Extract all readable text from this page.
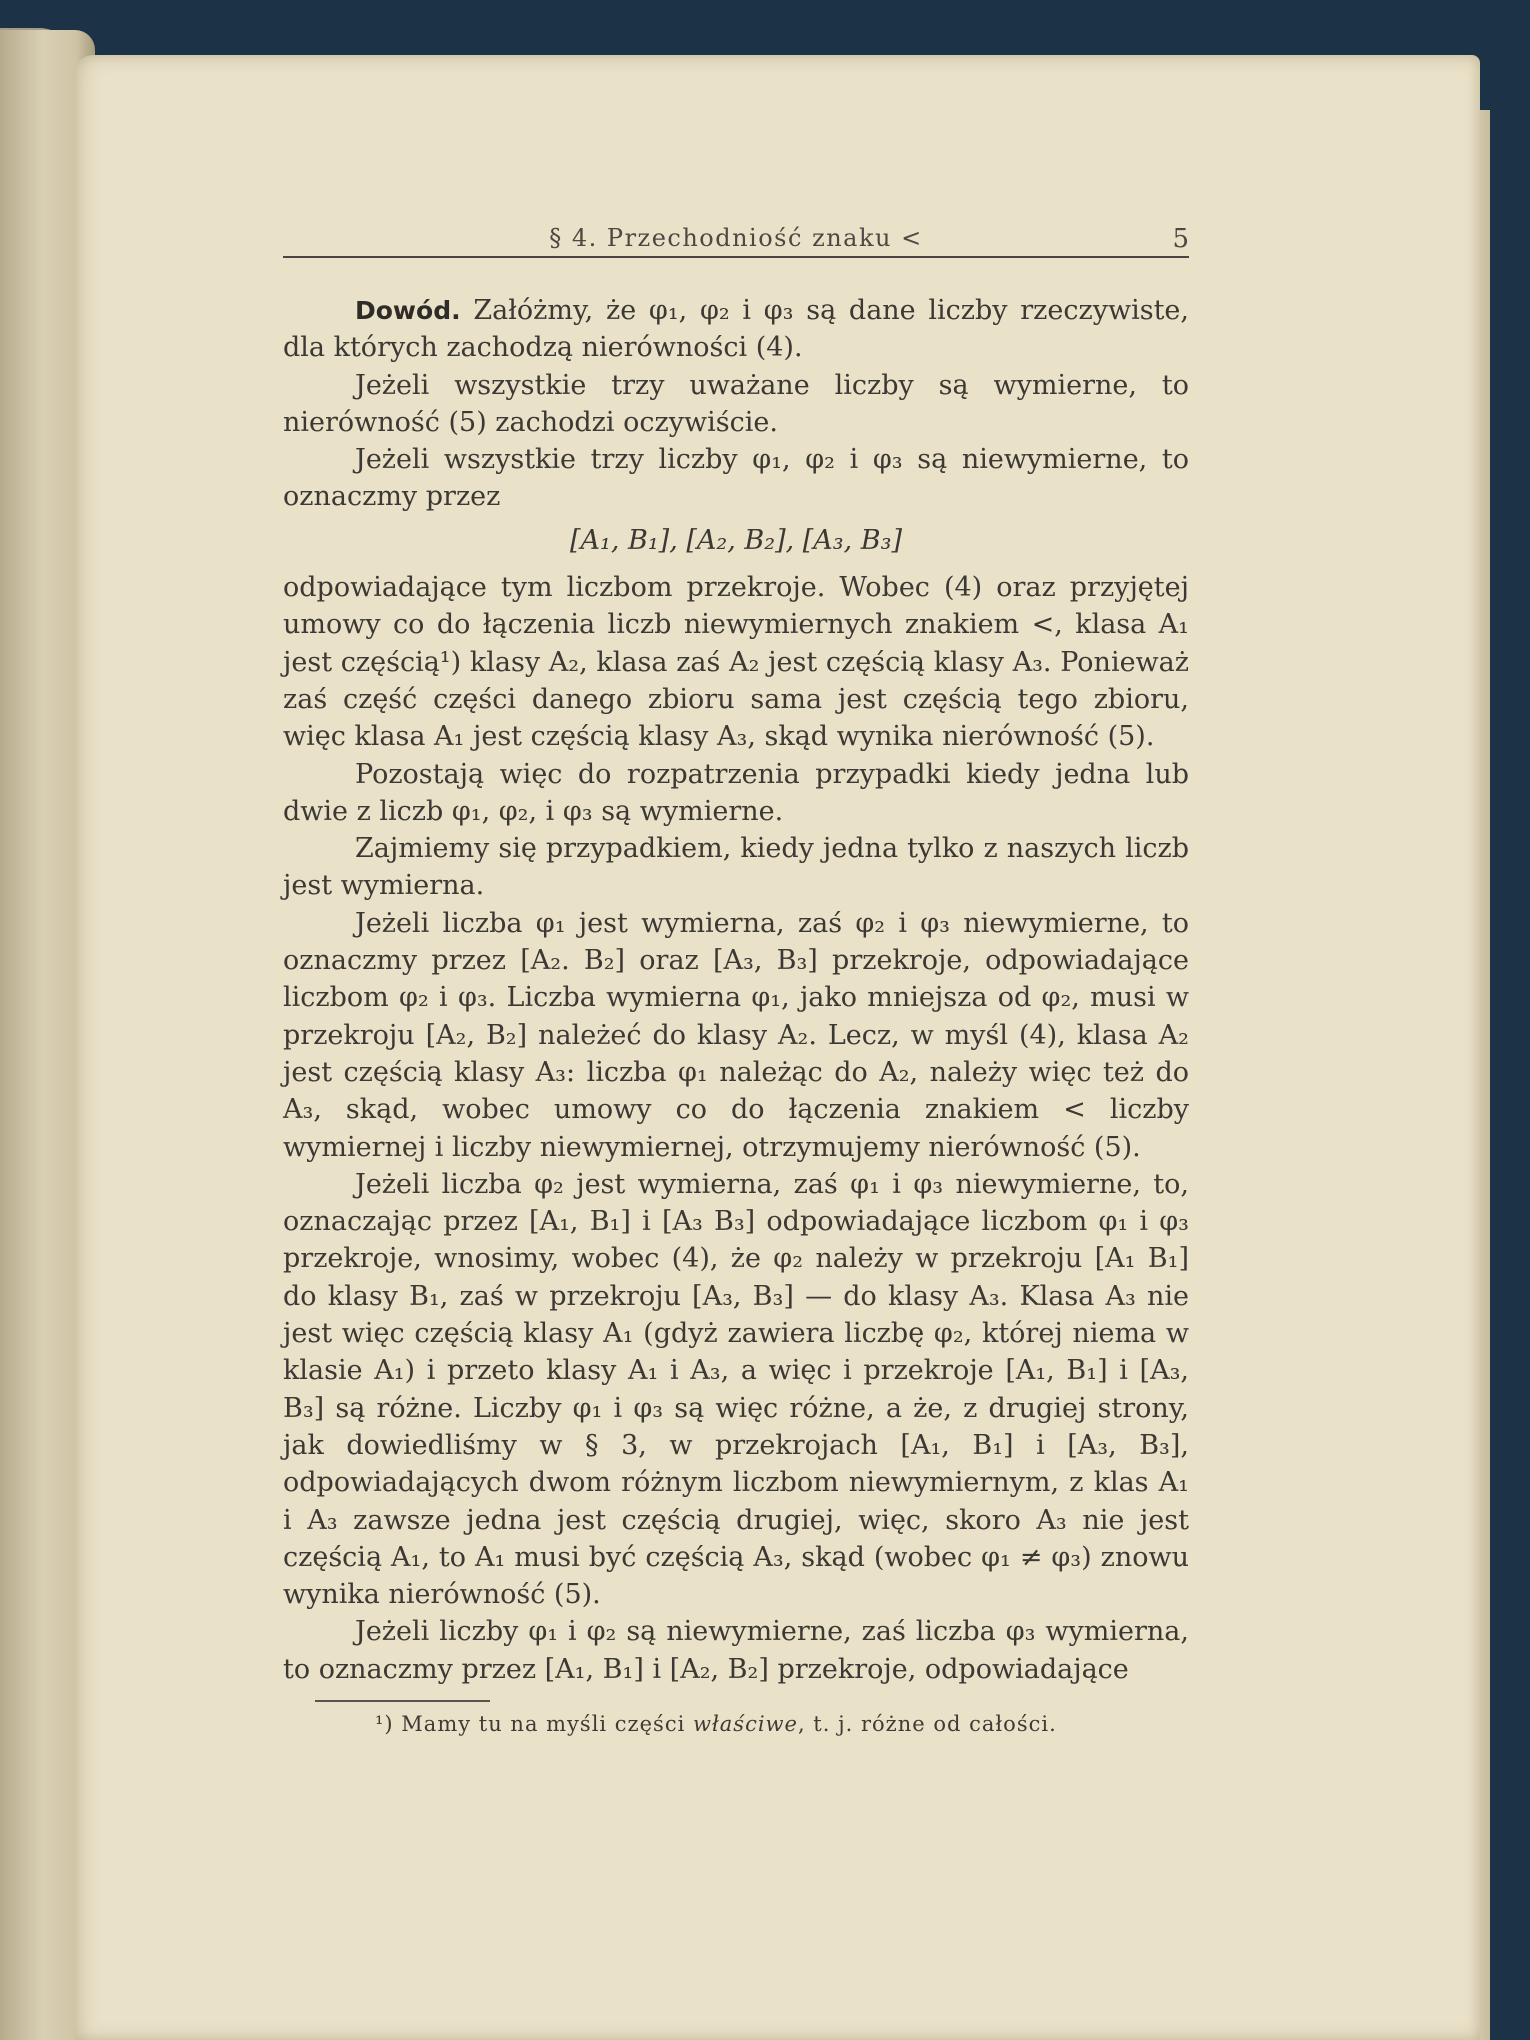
§ 4. Przechodniość znaku <	5

Dowód. Załóżmy, że φ₁, φ₂ i φ₃ są dane liczby rzeczywiste, dla których zachodzą nierówności (4).

Jeżeli wszystkie trzy uważane liczby są wymierne, to nierówność (5) zachodzi oczywiście.

Jeżeli wszystkie trzy liczby φ₁, φ₂ i φ₃ są niewymierne, to oznaczmy przez

[A₁, B₁], [A₂, B₂], [A₃, B₃]

odpowiadające tym liczbom przekroje. Wobec (4) oraz przyjętej umowy co do łączenia liczb niewymiernych znakiem <, klasa A₁ jest częścią¹) klasy A₂, klasa zaś A₂ jest częścią klasy A₃. Ponieważ zaś część części danego zbioru sama jest częścią tego zbioru, więc klasa A₁ jest częścią klasy A₃, skąd wynika nierówność (5).

Pozostają więc do rozpatrzenia przypadki kiedy jedna lub dwie z liczb φ₁, φ₂, i φ₃ są wymierne.

Zajmiemy się przypadkiem, kiedy jedna tylko z naszych liczb jest wymierna.

Jeżeli liczba φ₁ jest wymierna, zaś φ₂ i φ₃ niewymierne, to oznaczmy przez [A₂. B₂] oraz [A₃, B₃] przekroje, odpowiadające liczbom φ₂ i φ₃. Liczba wymierna φ₁, jako mniejsza od φ₂, musi w przekroju [A₂, B₂] należeć do klasy A₂. Lecz, w myśl (4), klasa A₂ jest częścią klasy A₃: liczba φ₁ należąc do A₂, należy więc też do A₃, skąd, wobec umowy co do łączenia znakiem < liczby wymiernej i liczby niewymiernej, otrzymujemy nierówność (5).

Jeżeli liczba φ₂ jest wymierna, zaś φ₁ i φ₃ niewymierne, to, oznaczając przez [A₁, B₁] i [A₃ B₃] odpowiadające liczbom φ₁ i φ₃ przekroje, wnosimy, wobec (4), że φ₂ należy w przekroju [A₁ B₁] do klasy B₁, zaś w przekroju [A₃, B₃] — do klasy A₃. Klasa A₃ nie jest więc częścią klasy A₁ (gdyż zawiera liczbę φ₂, której niema w klasie A₁) i przeto klasy A₁ i A₃, a więc i przekroje [A₁, B₁] i [A₃, B₃] są różne. Liczby φ₁ i φ₃ są więc różne, a że, z drugiej strony, jak dowiedliśmy w § 3, w przekrojach [A₁, B₁] i [A₃, B₃], odpowiadających dwom różnym liczbom niewymiernym, z klas A₁ i A₃ zawsze jedna jest częścią drugiej, więc, skoro A₃ nie jest częścią A₁, to A₁ musi być częścią A₃, skąd (wobec φ₁ ≠ φ₃) znowu wynika nierówność (5).

Jeżeli liczby φ₁ i φ₂ są niewymierne, zaś liczba φ₃ wymierna, to oznaczmy przez [A₁, B₁] i [A₂, B₂] przekroje, odpowiadające

¹) Mamy tu na myśli części właściwe, t. j. różne od całości.
